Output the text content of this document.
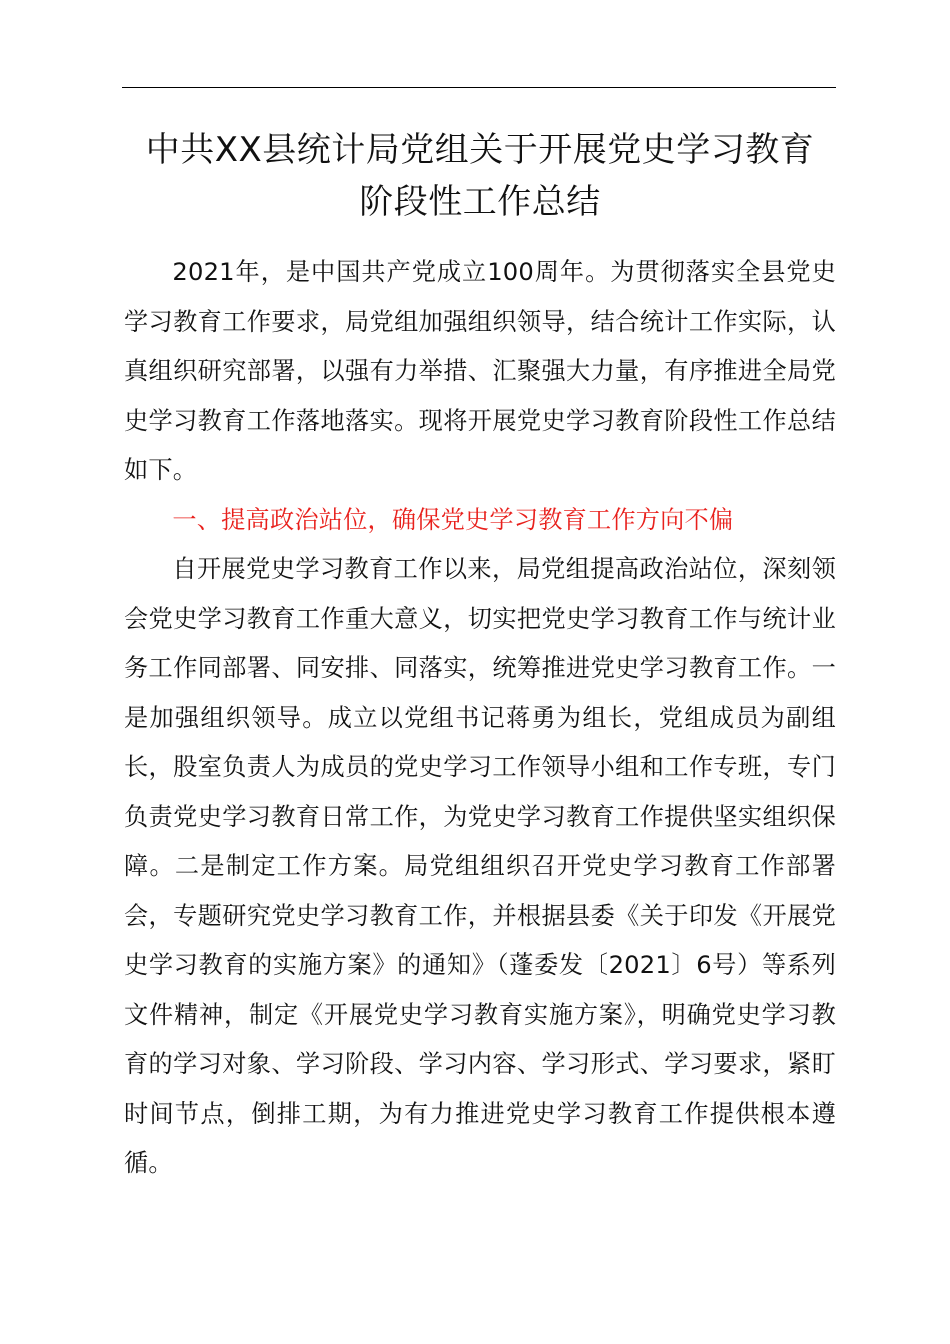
中共XX县统计局党组关于开展党史学习教育
阶段性工作总结

2021年，是中国共产党成立100周年。为贯彻落实全县党史学习教育工作要求，局党组加强组织领导，结合统计工作实际，认真组织研究部署，以强有力举措、汇聚强大力量，有序推进全局党史学习教育工作落地落实。现将开展党史学习教育阶段性工作总结如下。

一、提高政治站位，确保党史学习教育工作方向不偏

自开展党史学习教育工作以来，局党组提高政治站位，深刻领会党史学习教育工作重大意义，切实把党史学习教育工作与统计业务工作同部署、同安排、同落实，统筹推进党史学习教育工作。一是加强组织领导。成立以党组书记蒋勇为组长，党组成员为副组长，股室负责人为成员的党史学习工作领导小组和工作专班，专门负责党史学习教育日常工作，为党史学习教育工作提供坚实组织保障。二是制定工作方案。局党组组织召开党史学习教育工作部署会，专题研究党史学习教育工作，并根据县委《关于印发《开展党史学习教育的实施方案》的通知》（蓬委发〔2021〕6号）等系列文件精神，制定《开展党史学习教育实施方案》，明确党史学习教育的学习对象、学习阶段、学习内容、学习形式、学习要求，紧盯时间节点，倒排工期，为有力推进党史学习教育工作提供根本遵循。
